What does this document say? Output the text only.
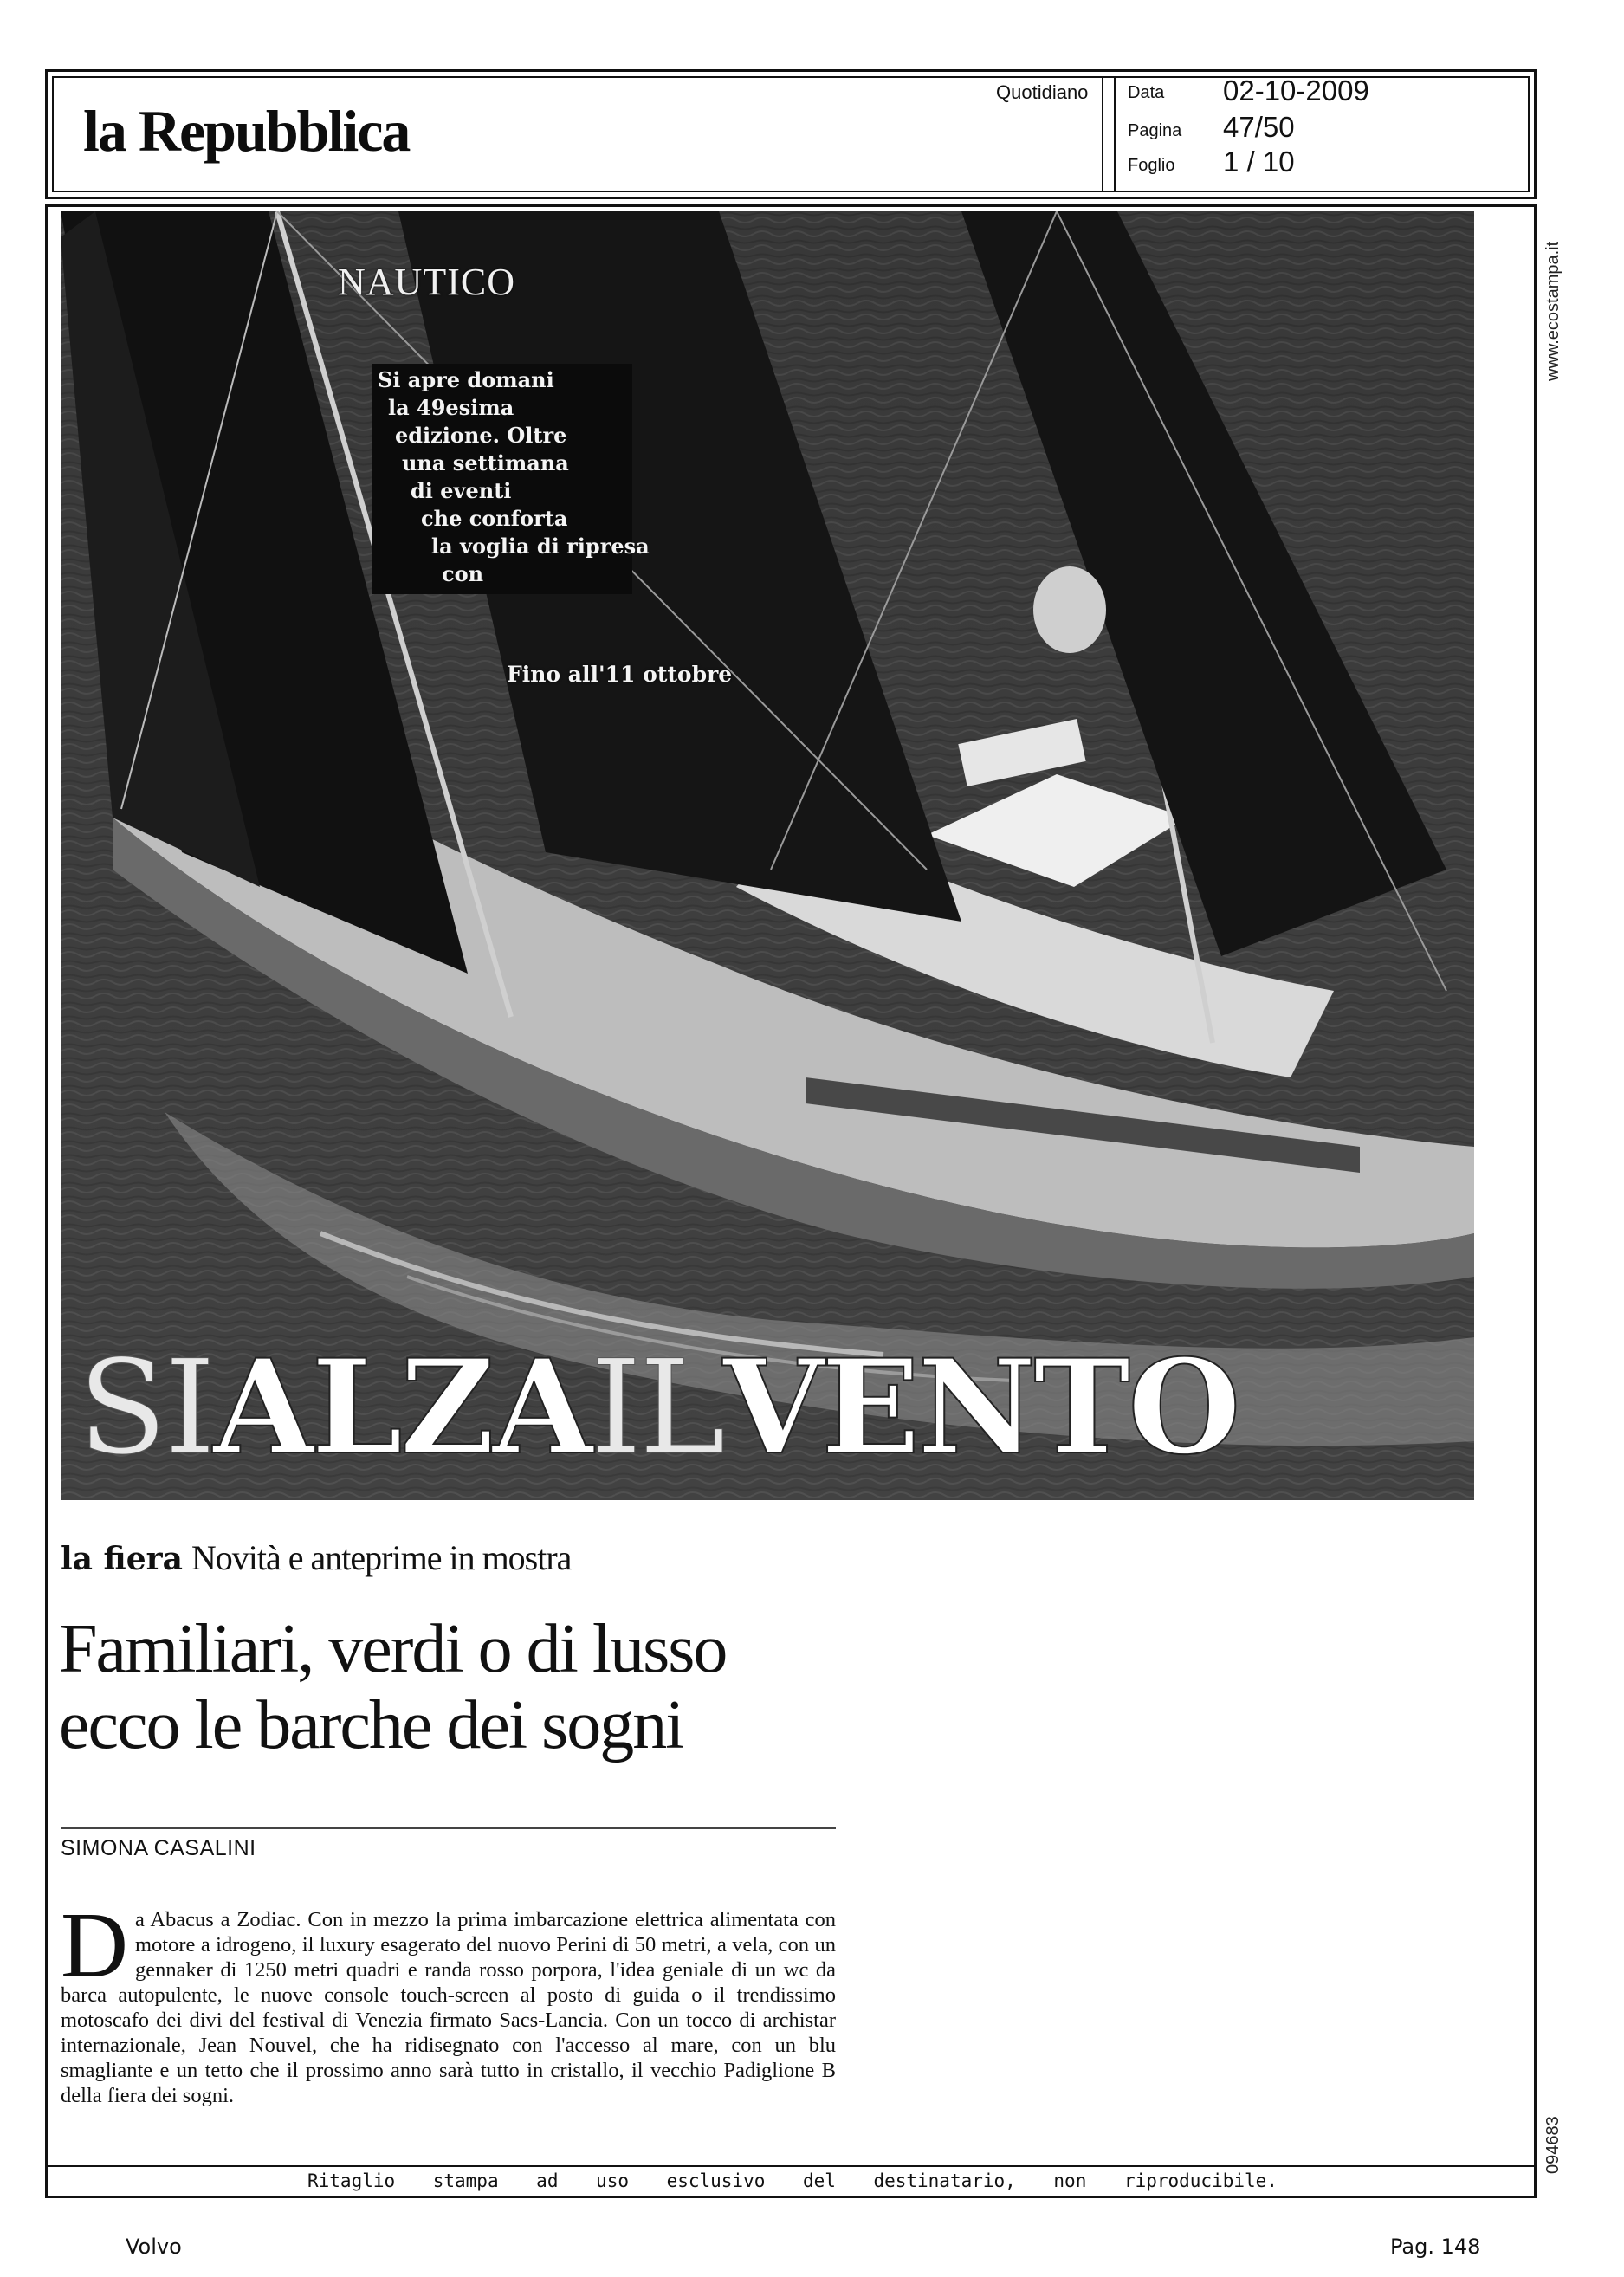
la Repubblica
Quotidiano Data 02-10-2009
Pagina 47/50
Foglio 1 / 10
NAUTICO
Si apre domani
la 49esima
edizione. Oltre
una settimana
di eventi
che conforta
la voglia di ripresa
con
Fino all'11 ottobre
SIALZAILVENTO
la fiera Novità e anteprime in mostra
Familiari, verdi o di lusso
ecco le barche dei sogni
SIMONA CASALINI
D a Abacus a Zodiac. Con in mezzo la prima imbarcazione elettrica alimentata con motore a idrogeno, il luxury esagerato del nuovo Perini di 50 metri, a vela, con un gennaker di 1250 metri quadri e randa rosso porpora, l'idea geniale di un wc da barca autopulente, le nuove console touch-screen al posto di guida o il trendissimo motoscafo dei divi del festival di Venezia firmato Sacs-Lancia. Con un tocco di archistar internazionale, Jean Nouvel, che ha ridisegnato con l'accesso al mare, con un blu smagliante e un tetto che il prossimo anno sarà tutto in cristallo, il vecchio Padiglione B della fiera dei sogni.
Ritaglio stampa ad uso esclusivo del destinatario, non riproducibile.
www.ecostampa.it
094683
Volvo	Pag. 148
